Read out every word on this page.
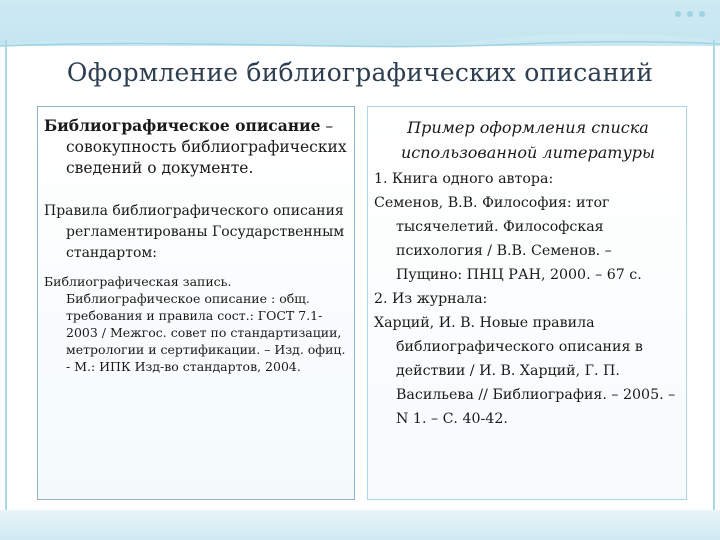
Оформление библиографических описаний

Библиографическое описание – совокупность библиографических сведений о документе.

Правила библиографического описания регламентированы Государственным стандартом:

Библиографическая запись. Библиографическое описание : общ. требования и правила сост.: ГОСТ 7.1-2003 / Межгос. совет по стандартизации, метрологии и сертификации. – Изд. офиц. - М.: ИПК Изд-во стандартов, 2004.

Пример оформления списка использованной литературы

1. Книга одного автора:

Семенов, В.В. Философия: итог тысячелетий. Философская психология / В.В. Семенов. – Пущино: ПНЦ РАН, 2000. – 67 с.

2. Из журнала:

Харций, И. В. Новые правила библиографического описания в действии / И. В. Харций, Г. П. Васильева // Библиография. – 2005. – N 1. – С. 40-42.
